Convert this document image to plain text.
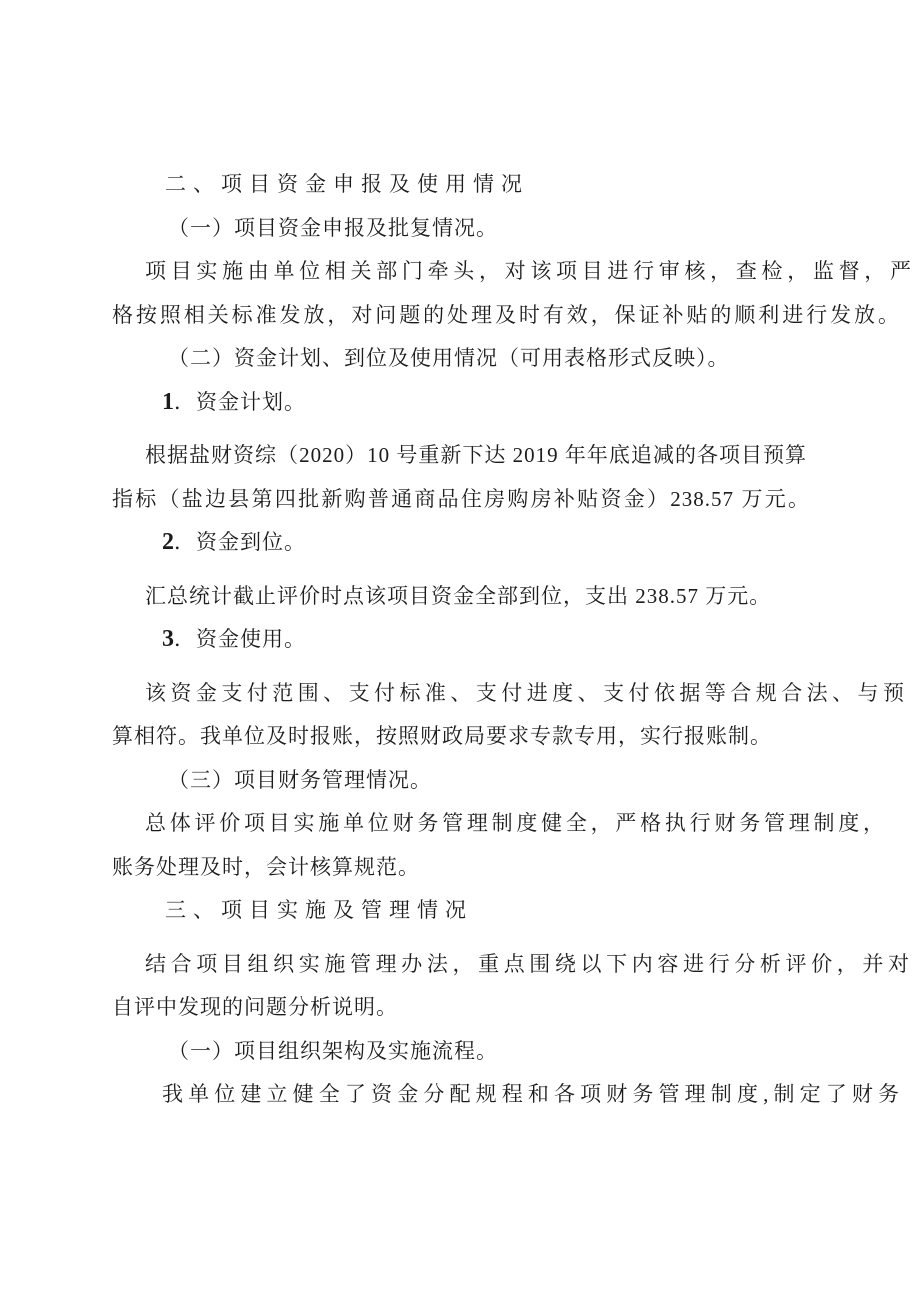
二、项目资金申报及使用情况
（一）项目资金申报及批复情况。
项目实施由单位相关部门牵头，对该项目进行审核，查检，监督，严
格按照相关标准发放，对问题的处理及时有效，保证补贴的顺利进行发放。
（二）资金计划、到位及使用情况（可用表格形式反映）。
1．资金计划。
根据盐财资综（2020）10 号重新下达 2019 年年底追减的各项目预算
指标（盐边县第四批新购普通商品住房购房补贴资金）238.57 万元。
2．资金到位。
汇总统计截止评价时点该项目资金全部到位，支出 238.57 万元。
3．资金使用。
该资金支付范围、支付标准、支付进度、支付依据等合规合法、与预
算相符。我单位及时报账，按照财政局要求专款专用，实行报账制。
（三）项目财务管理情况。
总体评价项目实施单位财务管理制度健全，严格执行财务管理制度，
账务处理及时，会计核算规范。
三、项目实施及管理情况
结合项目组织实施管理办法，重点围绕以下内容进行分析评价，并对
自评中发现的问题分析说明。
（一）项目组织架构及实施流程。
我单位建立健全了资金分配规程和各项财务管理制度,制定了财务
